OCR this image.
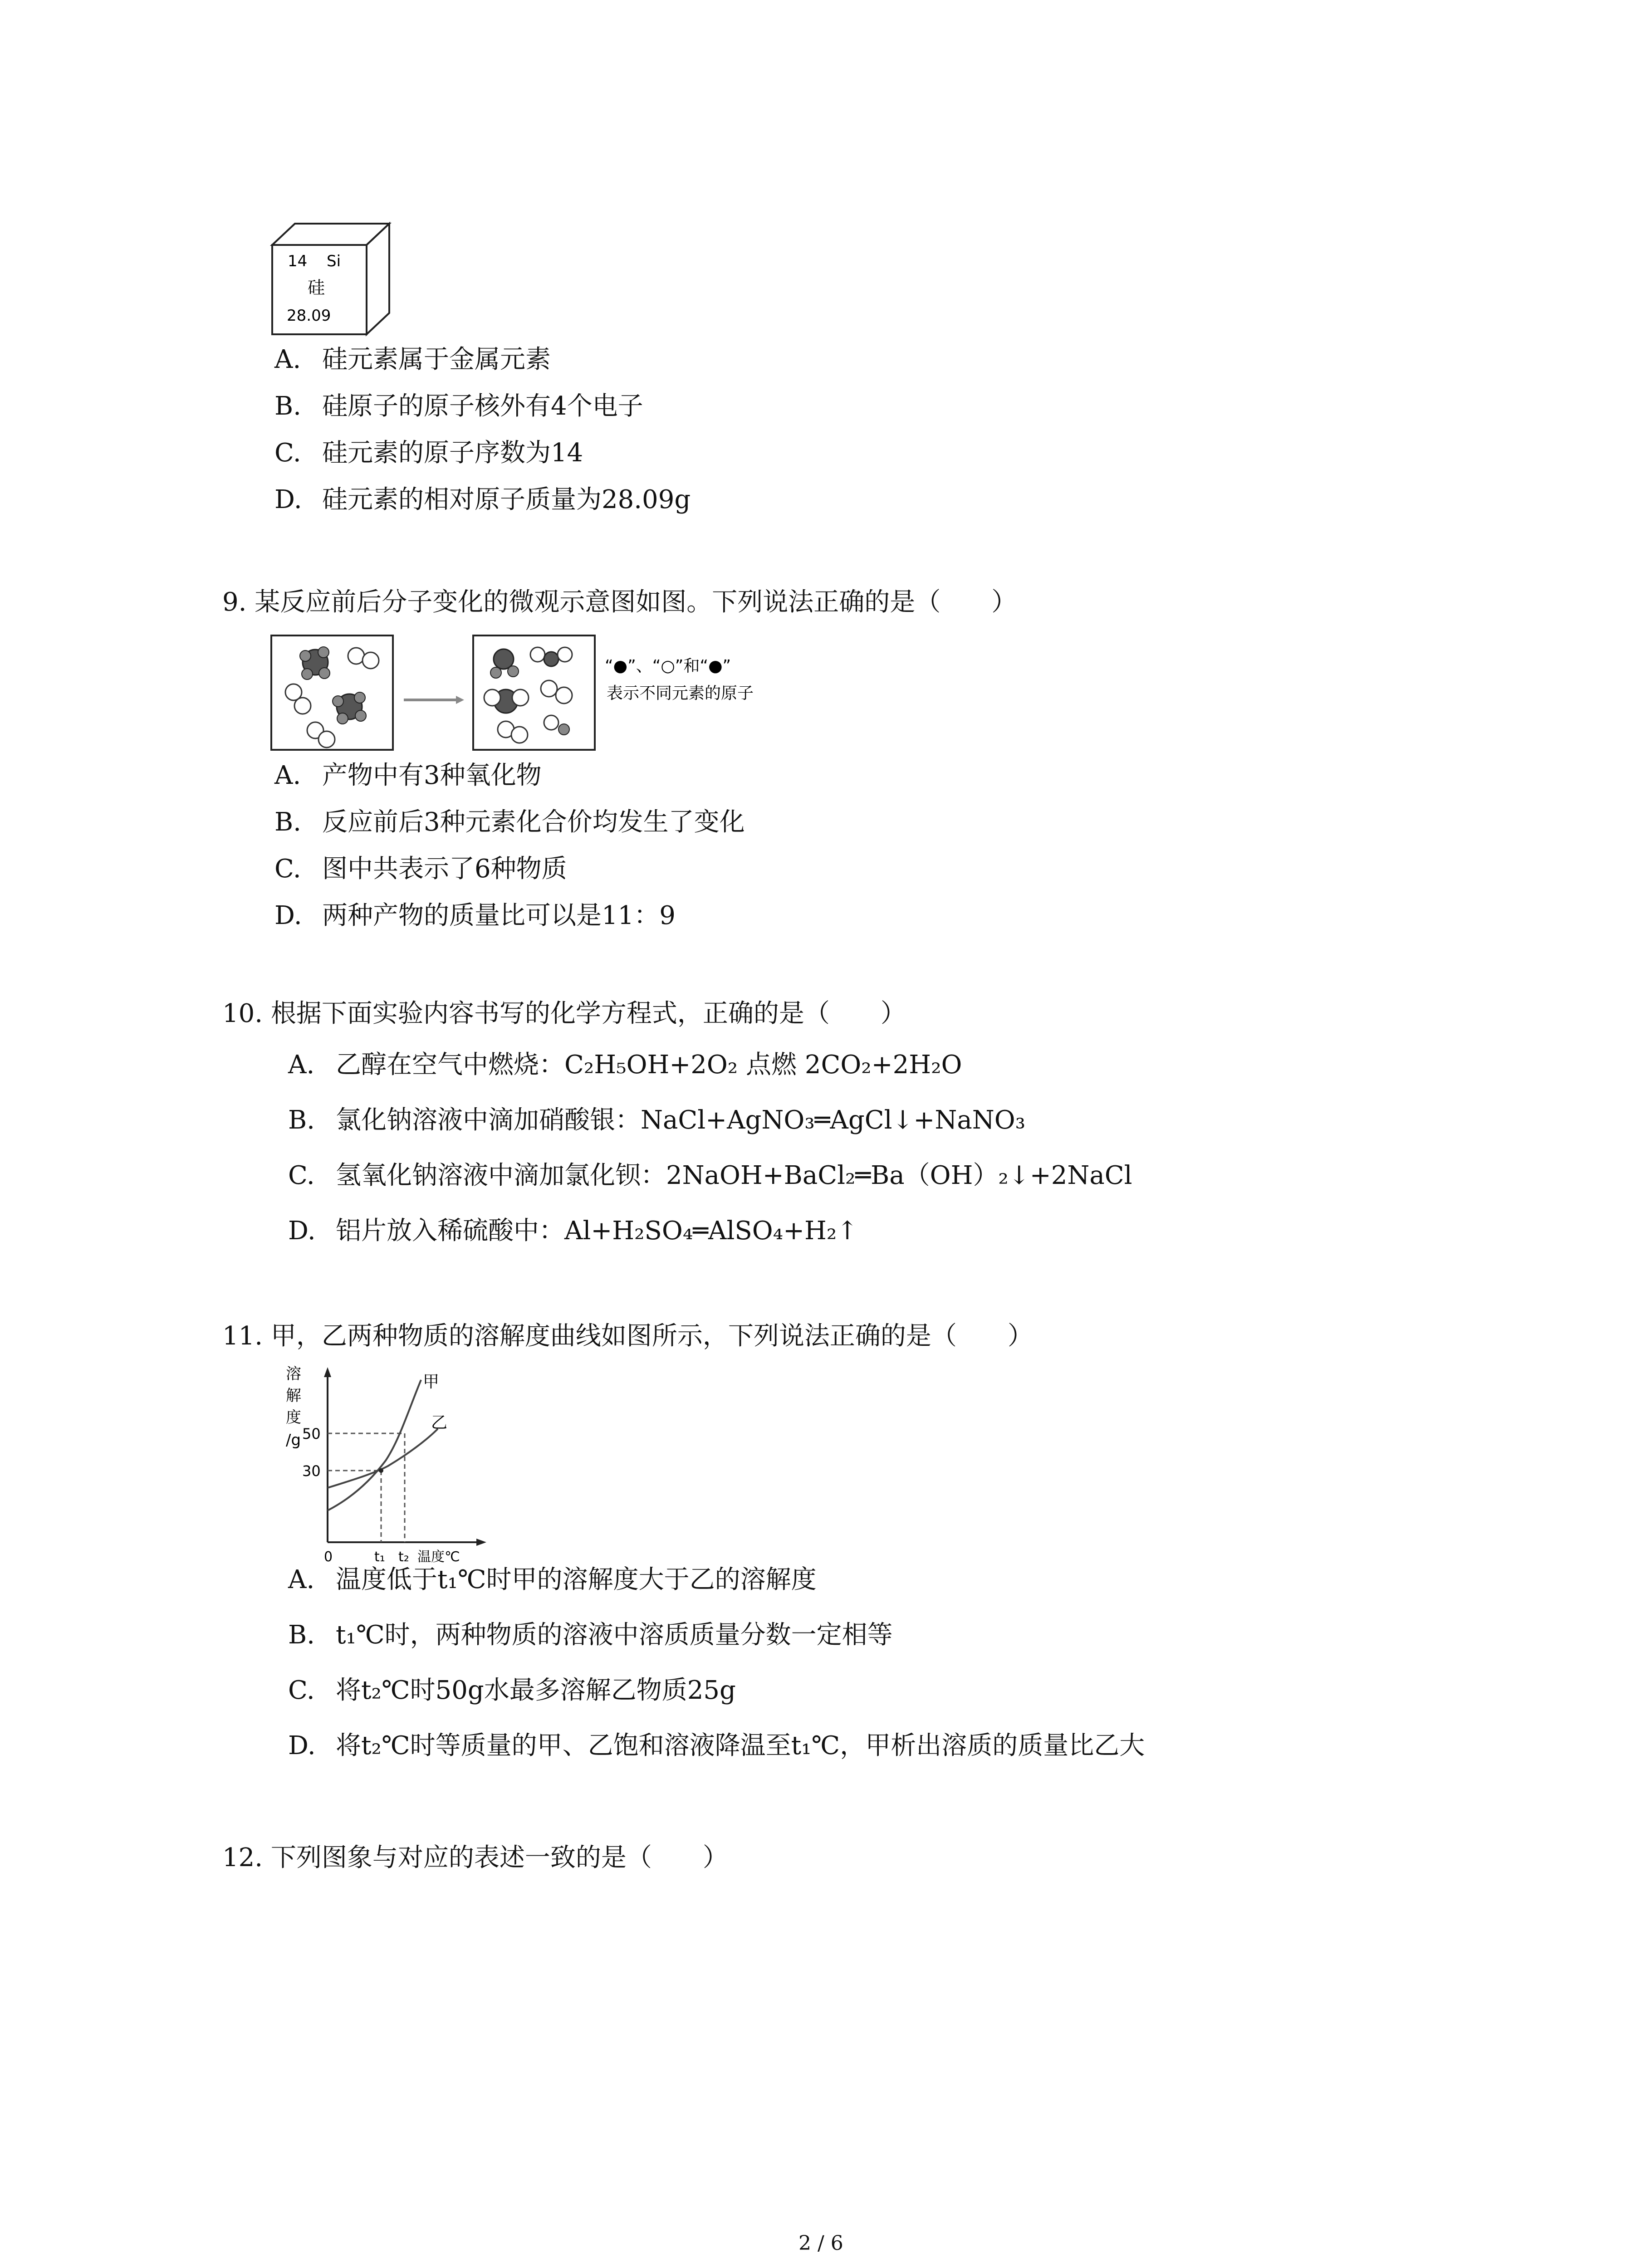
14 Si
硅
28.09
A. 硅元素属于金属元素
B. 硅原子的原子核外有4个电子
C. 硅元素的原子序数为14
D. 硅元素的相对原子质量为28.09g
9. 某反应前后分子变化的微观示意图如图。下列说法正确的是（　　）
“●”、“○”和“●”
表示不同元素的原子
A. 产物中有3种氧化物
B. 反应前后3种元素化合价均发生了变化
C. 图中共表示了6种物质
D. 两种产物的质量比可以是11：9
10. 根据下面实验内容书写的化学方程式，正确的是（　　）
A. 乙醇在空气中燃烧：C₂H₅OH+2O₂ 点燃 2CO₂+2H₂O
B. 氯化钠溶液中滴加硝酸银：NaCl+AgNO₃═AgCl↓+NaNO₃
C. 氢氧化钠溶液中滴加氯化钡：2NaOH+BaCl₂═Ba（OH）₂↓+2NaCl
D. 铝片放入稀硫酸中：Al+H₂SO₄═AlSO₄+H₂↑
11. 甲，乙两种物质的溶解度曲线如图所示，下列说法正确的是（　　）
溶
解
度
/g 50
30
0	t₁ t₂ 温度℃
甲
乙
A. 温度低于t₁℃时甲的溶解度大于乙的溶解度
B. t₁℃时，两种物质的溶液中溶质质量分数一定相等
C. 将t₂℃时50g水最多溶解乙物质25g
D. 将t₂℃时等质量的甲、乙饱和溶液降温至t₁℃，甲析出溶质的质量比乙大
12. 下列图象与对应的表述一致的是（　　）
2 / 6
